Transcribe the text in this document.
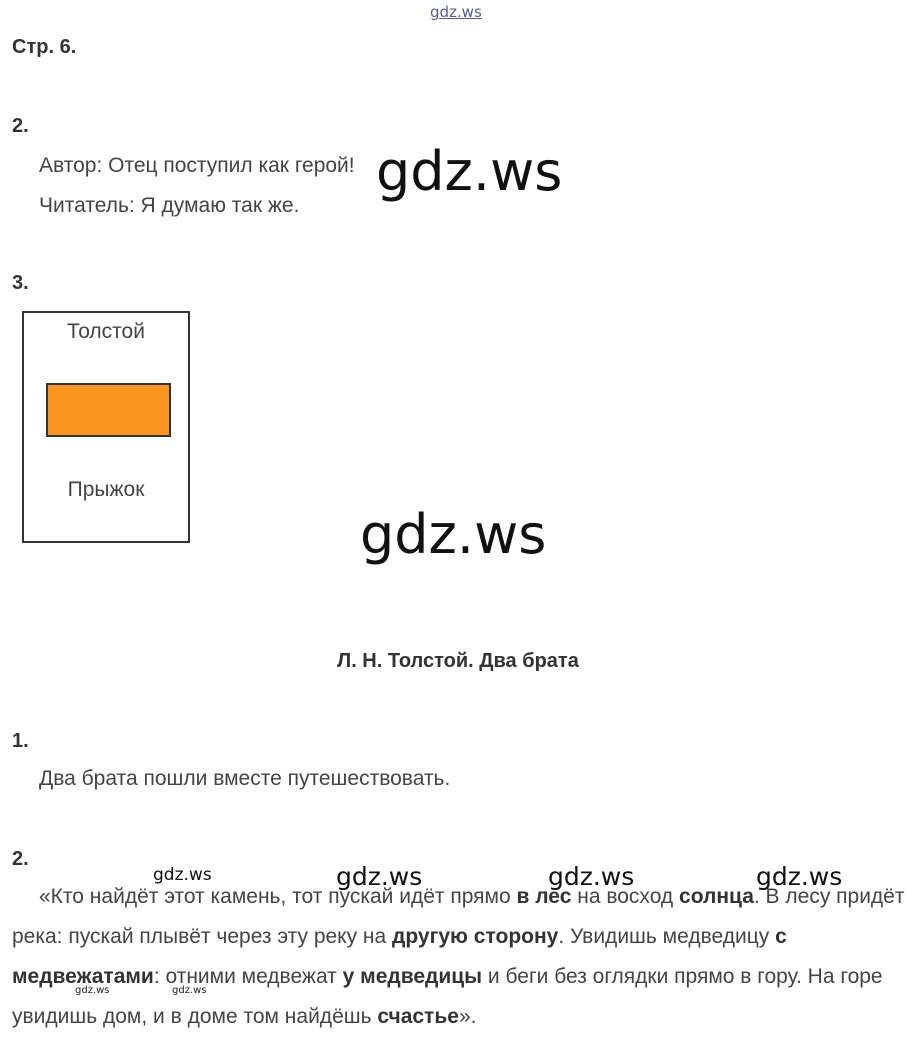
gdz.ws
Стр. 6.
2.
Автор: Отец поступил как герой!
Читатель: Я думаю так же.
gdz.ws
3.
Толстой
Прыжок
gdz.ws
Л. Н. Толстой. Два брата
1.
Два брата пошли вместе путешествовать.
2.
gdz.ws	gdz.ws	gdz.ws	gdz.ws

«Кто найдёт этот камень, тот пускай идёт прямо в лес на восход солнца. В лесу придёт река: пускай плывёт через эту реку на другую сторону. Увидишь медведицу с медвежатами: отними медвежат у медведицы и беги без оглядки прямо в гору. На горе увидишь дом, и в доме том найдёшь счастье».

gdz.ws	gdz.ws
